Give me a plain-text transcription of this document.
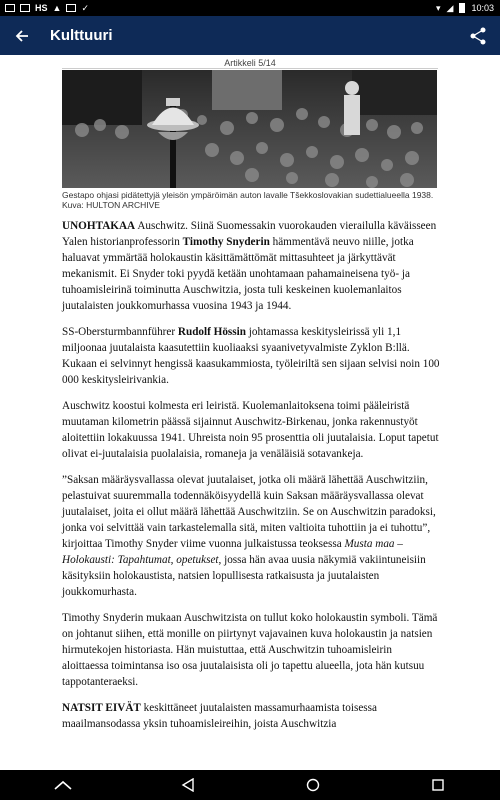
HS ▲ ✓	▾ ◢ 10:03
Kulttuuri
Artikkeli 5/14

Gestapo ohjasi pidätettyjä yleisön ympäröimän auton lavalle Tšekkoslovakian sudettialueella 1938. Kuva: HULTON ARCHIVE

UNOHTAKAA Auschwitz. Siinä Suomessakin vuorokauden vierailulla käväisseen Yalen historianprofessorin Timothy Snyderin hämmentävä neuvo niille, jotka haluavat ymmärtää holokaustin käsittämättömät mittasuhteet ja järkyttävät mekanismit. Ei Snyder toki pyydä ketään unohtamaan pahamaineisena työ- ja tuhoamisleirinä toiminutta Auschwitzia, josta tuli keskeinen kuolemanlaitos juutalaisten joukkomurhassa vuosina 1943 ja 1944.

SS-Obersturmbannführer Rudolf Hössin johtamassa keskitysleirissä yli 1,1 miljoonaa juutalaista kaasutettiin kuoliaaksi syaanivetyvalmiste Zyklon B:llä. Kukaan ei selvinnyt hengissä kaasukammiosta, työleiriltä sen sijaan selvisi noin 100 000 keskitysleirivankia.

Auschwitz koostui kolmesta eri leiristä. Kuolemanlaitoksena toimi pääleiristä muutaman kilometrin päässä sijainnut Auschwitz-Birkenau, jonka rakennustyöt aloitettiin lokakuussa 1941. Uhreista noin 95 prosenttia oli juutalaisia. Loput tapetut olivat ei-juutalaisia puolalaisia, romaneja ja venäläisiä sotavankeja.

”Saksan määräysvallassa olevat juutalaiset, jotka oli määrä lähettää Auschwitziin, pelastuivat suuremmalla todennäköisyydellä kuin Saksan määräysvallassa olevat juutalaiset, joita ei ollut määrä lähettää Auschwitziin. Se on Auschwitzin paradoksi, jonka voi selvittää vain tarkastelemalla sitä, miten valtioita tuhottiin ja ei tuhottu”, kirjoittaa Timothy Snyder viime vuonna julkaistussa teoksessa Musta maa – Holokausti: Tapahtumat, opetukset, jossa hän avaa uusia näkymiä vakiintuneisiin käsityksiin holokaustista, natsien lopullisesta ratkaisusta ja juutalaisten joukkomurhasta.

Timothy Snyderin mukaan Auschwitzista on tullut koko holokaustin symboli. Tämä on johtanut siihen, että monille on piirtynyt vajavainen kuva holokaustin ja natsien hirmutekojen historiasta. Hän muistuttaa, että Auschwitzin tuhoamisleirin aloittaessa toimintansa iso osa juutalaisista oli jo tapettu alueella, jota hän kutsuu tappotanteraeksi.

NATSIT EIVÄT keskittäneet juutalaisten massamurhaamista toisessa maailmansodassa yksin tuhoamisleireihin, joista Auschwitzia
